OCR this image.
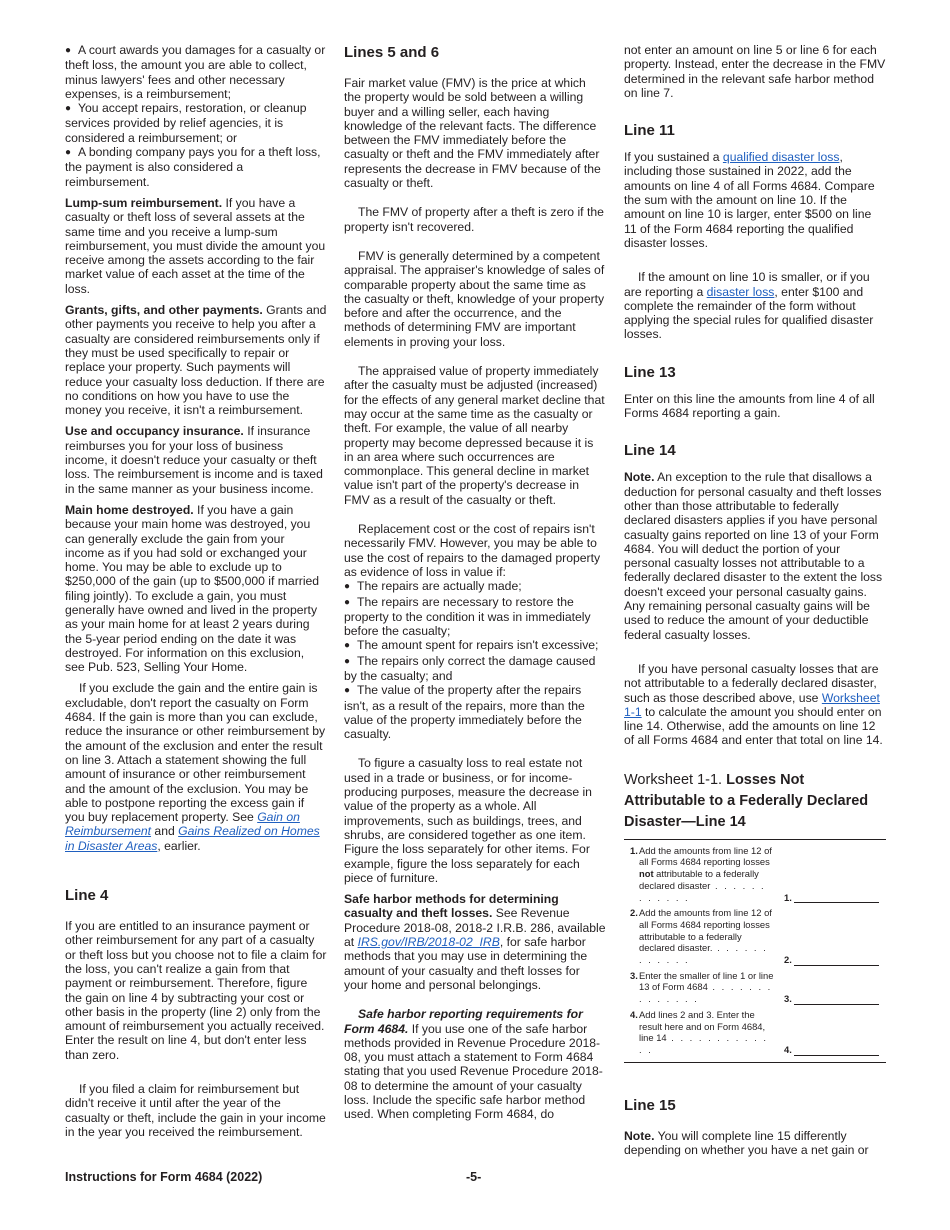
● A court awards you damages for a casualty or theft loss, the amount you are able to collect, minus lawyers' fees and other necessary expenses, is a reimbursement;

● You accept repairs, restoration, or cleanup services provided by relief agencies, it is considered a reimbursement; or

● A bonding company pays you for a theft loss, the payment is also considered a reimbursement.

Lump-sum reimbursement. If you have a casualty or theft loss of several assets at the same time and you receive a lump-sum reimbursement, you must divide the amount you receive among the assets according to the fair market value of each asset at the time of the loss.

Grants, gifts, and other payments. Grants and other payments you receive to help you after a casualty are considered reimbursements only if they must be used specifically to repair or replace your property. Such payments will reduce your casualty loss deduction. If there are no conditions on how you have to use the money you receive, it isn't a reimbursement.

Use and occupancy insurance. If insurance reimburses you for your loss of business income, it doesn't reduce your casualty or theft loss. The reimbursement is income and is taxed in the same manner as your business income.

Main home destroyed. If you have a gain because your main home was destroyed, you can generally exclude the gain from your income as if you had sold or exchanged your home. You may be able to exclude up to $250,000 of the gain (up to $500,000 if married filing jointly). To exclude a gain, you must generally have owned and lived in the property as your main home for at least 2 years during the 5-year period ending on the date it was destroyed. For information on this exclusion, see Pub. 523, Selling Your Home.

If you exclude the gain and the entire gain is excludable, don't report the casualty on Form 4684. If the gain is more than you can exclude, reduce the insurance or other reimbursement by the amount of the exclusion and enter the result on line 3. Attach a statement showing the full amount of insurance or other reimbursement and the amount of the exclusion. You may be able to postpone reporting the excess gain if you buy replacement property. See Gain on Reimbursement and Gains Realized on Homes in Disaster Areas, earlier.

Line 4

If you are entitled to an insurance payment or other reimbursement for any part of a casualty or theft loss but you choose not to file a claim for the loss, you can't realize a gain from that payment or reimbursement. Therefore, figure the gain on line 4 by subtracting your cost or other basis in the property (line 2) only from the amount of reimbursement you actually received. Enter the result on line 4, but don't enter less than zero.

If you filed a claim for reimbursement but didn't receive it until after the year of the casualty or theft, include the gain in your income in the year you received the reimbursement.

Lines 5 and 6

Fair market value (FMV) is the price at which the property would be sold between a willing buyer and a willing seller, each having knowledge of the relevant facts. The difference between the FMV immediately before the casualty or theft and the FMV immediately after represents the decrease in FMV because of the casualty or theft.

The FMV of property after a theft is zero if the property isn't recovered.

FMV is generally determined by a competent appraisal. The appraiser's knowledge of sales of comparable property about the same time as the casualty or theft, knowledge of your property before and after the occurrence, and the methods of determining FMV are important elements in proving your loss.

The appraised value of property immediately after the casualty must be adjusted (increased) for the effects of any general market decline that may occur at the same time as the casualty or theft. For example, the value of all nearby property may become depressed because it is in an area where such occurrences are commonplace. This general decline in market value isn't part of the property's decrease in FMV as a result of the casualty or theft.

Replacement cost or the cost of repairs isn't necessarily FMV. However, you may be able to use the cost of repairs to the damaged property as evidence of loss in value if:

● The repairs are actually made;

● The repairs are necessary to restore the property to the condition it was in immediately before the casualty;

● The amount spent for repairs isn't excessive;

● The repairs only correct the damage caused by the casualty; and

● The value of the property after the repairs isn't, as a result of the repairs, more than the value of the property immediately before the casualty.

To figure a casualty loss to real estate not used in a trade or business, or for income-producing purposes, measure the decrease in value of the property as a whole. All improvements, such as buildings, trees, and shrubs, are considered together as one item. Figure the loss separately for other items. For example, figure the loss separately for each piece of furniture.

Safe harbor methods for determining casualty and theft losses. See Revenue Procedure 2018-08, 2018-2 I.R.B. 286, available at IRS.gov/IRB/2018-02_IRB, for safe harbor methods that you may use in determining the amount of your casualty and theft losses for your home and personal belongings.

Safe harbor reporting requirements for Form 4684. If you use one of the safe harbor methods provided in Revenue Procedure 2018-08, you must attach a statement to Form 4684 stating that you used Revenue Procedure 2018-08 to determine the amount of your casualty loss. Include the specific safe harbor method used. When completing Form 4684, do

not enter an amount on line 5 or line 6 for each property. Instead, enter the decrease in the FMV determined in the relevant safe harbor method on line 7.

Line 11

If you sustained a qualified disaster loss, including those sustained in 2022, add the amounts on line 4 of all Forms 4684. Compare the sum with the amount on line 10. If the amount on line 10 is larger, enter $500 on line 11 of the Form 4684 reporting the qualified disaster losses.

If the amount on line 10 is smaller, or if you are reporting a disaster loss, enter $100 and complete the remainder of the form without applying the special rules for qualified disaster losses.

Line 13

Enter on this line the amounts from line 4 of all Forms 4684 reporting a gain.

Line 14

Note. An exception to the rule that disallows a deduction for personal casualty and theft losses other than those attributable to federally declared disasters applies if you have personal casualty gains reported on line 13 of your Form 4684. You will deduct the portion of your personal casualty losses not attributable to a federally declared disaster to the extent the loss doesn't exceed your personal casualty gains. Any remaining personal casualty gains will be used to reduce the amount of your deductible federal casualty losses.

If you have personal casualty losses that are not attributable to a federally declared disaster, such as those described above, use Worksheet 1-1 to calculate the amount you should enter on line 14. Otherwise, add the amounts on line 12 of all Forms 4684 and enter that total on line 14.

Worksheet 1-1. Losses Not Attributable to a Federally Declared Disaster—Line 14
1. Add the amounts from line 12 of all Forms 4684 reporting losses not attributable to a federally declared disaster . . . . . . . . . . . .	1.
2. Add the amounts from line 12 of all Forms 4684 reporting losses attributable to a federally declared disaster. . . . . . . . . . . . .	2.
3. Enter the smaller of line 1 or line 13 of Form 4684 . . . . . . . . . . . . . .	3.
4. Add lines 2 and 3. Enter the result here and on Form 4684, line 14 . . . . . . . . . . . . .	4.
Line 15

Note. You will complete line 15 differently depending on whether you have a net gain or

Instructions for Form 4684 (2022)	-5-
